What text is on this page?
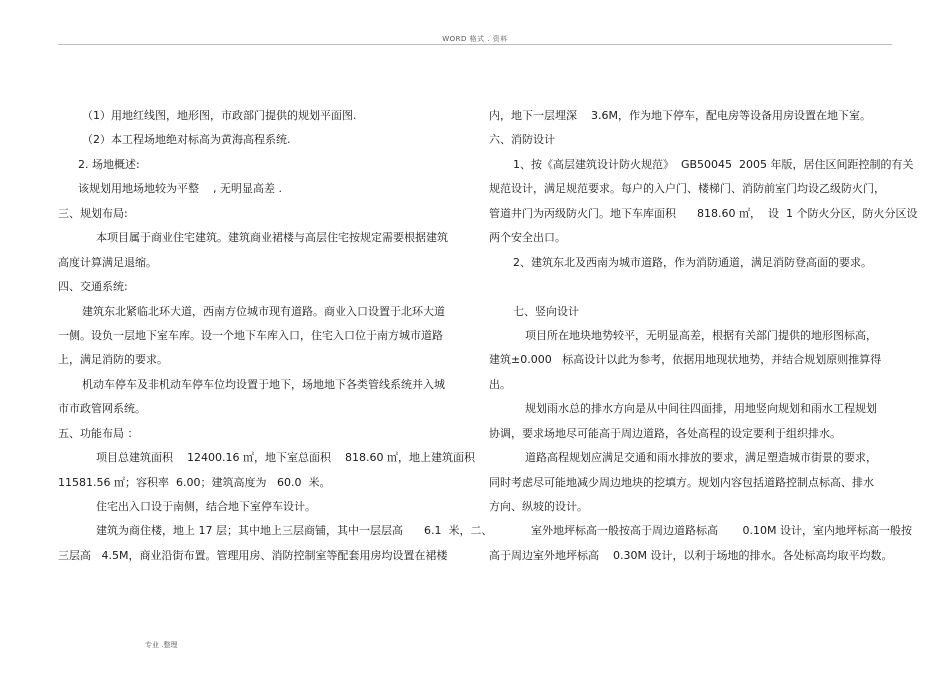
WORD 格式 . 资料
（1）用地红线图，地形图，市政部门提供的规划平面图.
（2）本工程场地绝对标高为黄海高程系统.
2. 场地概述:
该规划用地场地较为平整    , 无明显高差 .
三、规划布局:
本项目属于商业住宅建筑。建筑商业裙楼与高层住宅按规定需要根据建筑
高度计算满足退缩。
四、交通系统:
建筑东北紧临北环大道，西南方位城市现有道路。商业入口设置于北环大道
一侧。设负一层地下室车库。设一个地下车库入口，住宅入口位于南方城市道路
上，满足消防的要求。
机动车停车及非机动车停车位均设置于地下，场地地下各类管线系统并入城
市市政管网系统。
五、功能布局 ：
项目总建筑面积    12400.16 ㎡，地下室总面积    818.60 ㎡，地上建筑面积
11581.56 ㎡；容积率  6.00；建筑高度为   60.0  米。
住宅出入口设于南侧，结合地下室停车设计。
建筑为商住楼，地上 17 层；其中地上三层商铺，其中一层层高      6.1  米，二、
三层高   4.5M，商业沿街布置。管理用房、消防控制室等配套用房均设置在裙楼
内，地下一层埋深    3.6M，作为地下停车，配电房等设备用房设置在地下室。
六、消防设计
1、按《高层建筑设计防火规范》  GB50045  2005 年版，居住区间距控制的有关
规范设计，满足规范要求。每户的入户门、楼梯门、消防前室门均设乙级防火门，
管道井门为丙级防火门。地下车库面积      818.60 ㎡，  设  1 个防火分区，防火分区设
两个安全出口。
2、建筑东北及西南为城市道路，作为消防通道，满足消防登高面的要求。
七、竖向设计
项目所在地块地势较平，无明显高差，根据有关部门提供的地形图标高，
建筑±0.000   标高设计以此为参考，依据用地现状地势，并结合规划原则推算得
出。
规划雨水总的排水方向是从中间往四面排，用地竖向规划和雨水工程规划
协调，要求场地尽可能高于周边道路，各处高程的设定要利于组织排水。
道路高程规划应满足交通和雨水排放的要求，满足塑造城市街景的要求，
同时考虑尽可能地减少周边地块的挖填方。规划内容包括道路控制点标高、排水
方向、纵坡的设计。
室外地坪标高一般按高于周边道路标高       0.10M 设计，室内地坪标高一般按
高于周边室外地坪标高    0.30M 设计，以利于场地的排水。各处标高均取平均数。
专业 .整理
